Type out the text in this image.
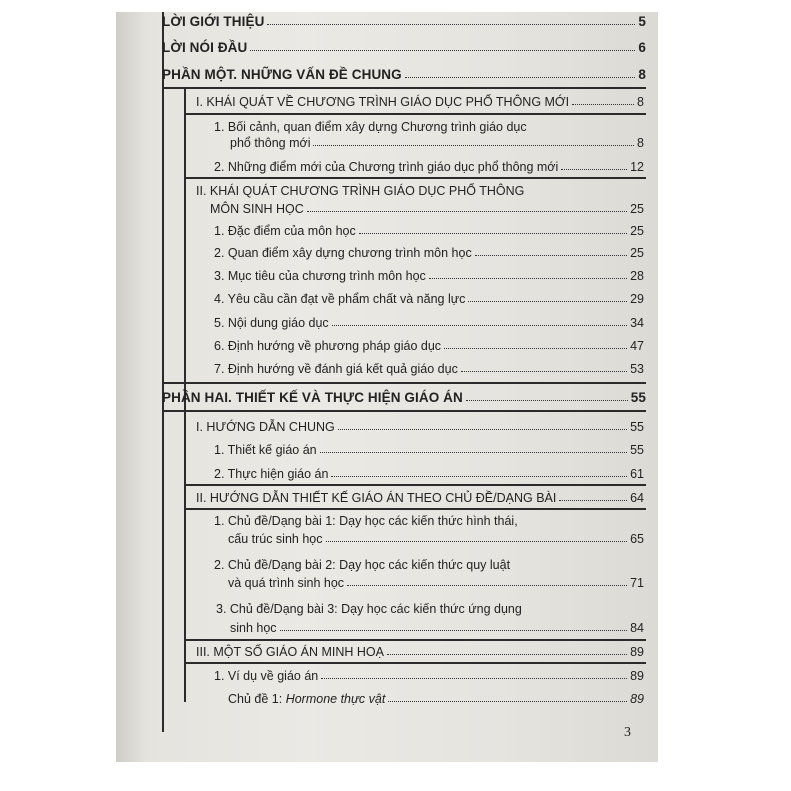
LỜI GIỚI THIỆU	5
LỜI NÓI ĐẦU	6
PHẦN MỘT. NHỮNG VẤN ĐỀ CHUNG	8
I. KHÁI QUÁT VỀ CHƯƠNG TRÌNH GIÁO DỤC PHỔ THÔNG MỚI	8
1. Bối cảnh, quan điểm xây dựng Chương trình giáo dục
phổ thông mới	8
2. Những điểm mới của Chương trình giáo dục phổ thông mới	12
II. KHÁI QUÁT CHƯƠNG TRÌNH GIÁO DỤC PHỔ THÔNG
MÔN SINH HỌC	25
1. Đặc điểm của môn học	25
2. Quan điểm xây dựng chương trình môn học	25
3. Mục tiêu của chương trình môn học	28
4. Yêu cầu cần đạt về phẩm chất và năng lực	29
5. Nội dung giáo dục	34
6. Định hướng về phương pháp giáo dục	47
7. Định hướng về đánh giá kết quả giáo dục	53
PHẦN HAI. THIẾT KẾ VÀ THỰC HIỆN GIÁO ÁN	55
I. HƯỚNG DẪN CHUNG	55
1. Thiết kế giáo án	55
2. Thực hiện giáo án	61
II. HƯỚNG DẪN THIẾT KẾ GIÁO ÁN THEO CHỦ ĐỀ/DẠNG BÀI	64
1. Chủ đề/Dạng bài 1: Dạy học các kiến thức hình thái,
cấu trúc sinh học	65
2. Chủ đề/Dạng bài 2: Dạy học các kiến thức quy luật
và quá trình sinh học	71
3. Chủ đề/Dạng bài 3: Dạy học các kiến thức ứng dụng
sinh học	84
III. MỘT SỐ GIÁO ÁN MINH HOẠ	89
1. Ví dụ về giáo án	89
Chủ đề 1: Hormone thực vật	89
3
